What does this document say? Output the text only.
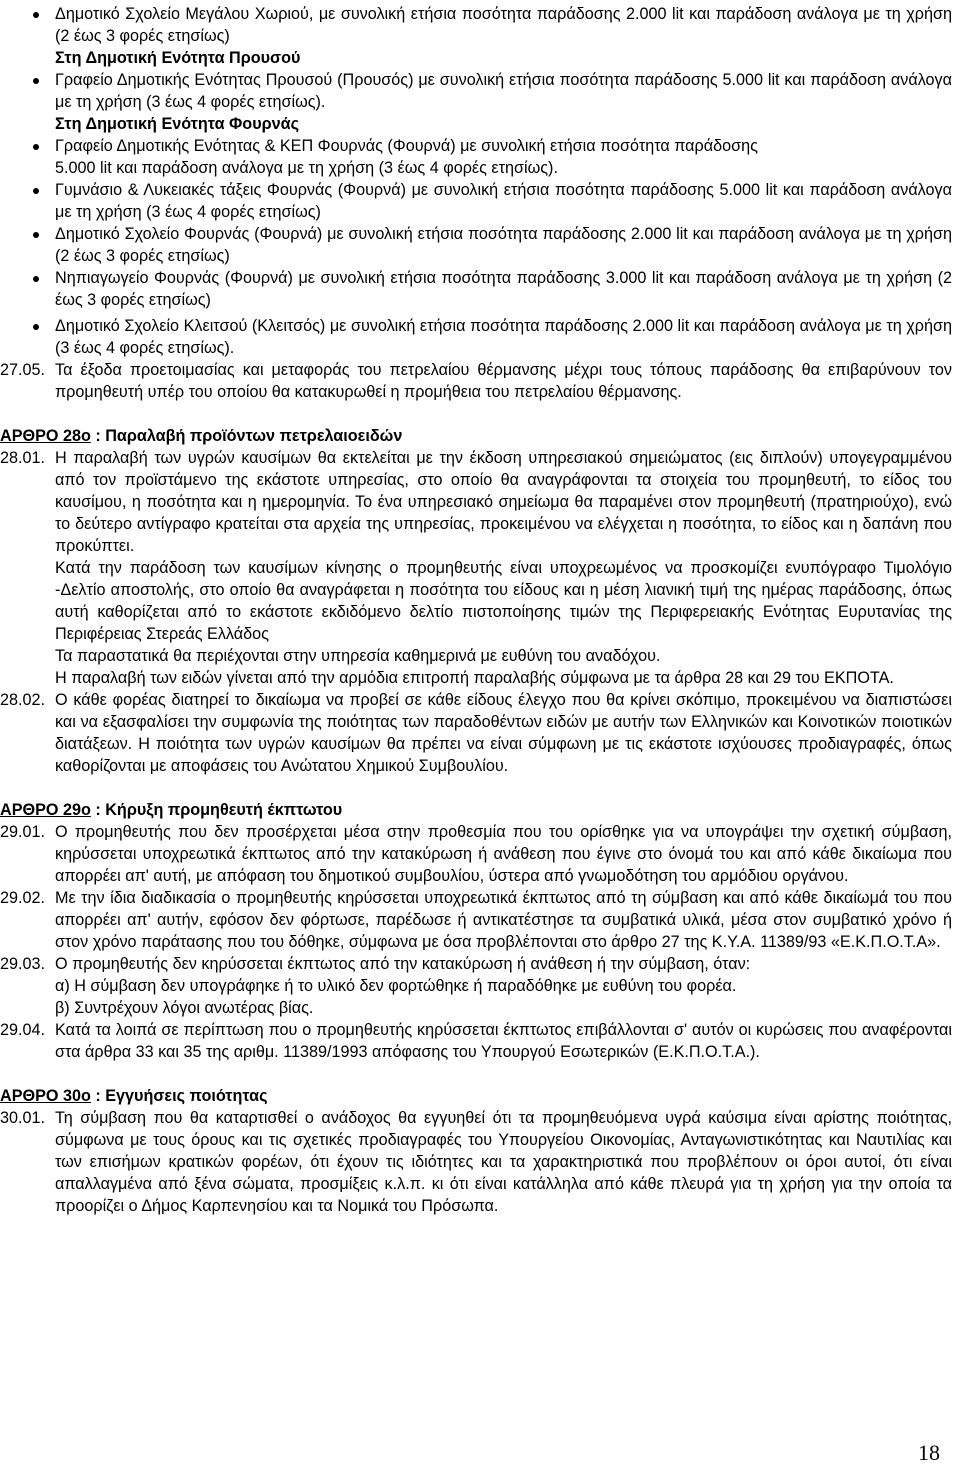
Δημοτικό Σχολείο Μεγάλου Χωριού, με συνολική ετήσια ποσότητα παράδοσης 2.000 lit και παράδοση ανάλογα με τη χρήση (2 έως 3 φορές ετησίως)

Στη Δημοτική Ενότητα Προυσού

Γραφείο Δημοτικής Ενότητας Προυσού (Προυσός) με συνολική ετήσια ποσότητα παράδοσης 5.000 lit και παράδοση ανάλογα με τη χρήση (3 έως 4 φορές ετησίως).

Στη Δημοτική Ενότητα Φουρνάς

Γραφείο Δημοτικής Ενότητας & ΚΕΠ Φουρνάς (Φουρνά) με συνολική ετήσια ποσότητα παράδοσης

5.000 lit και παράδοση ανάλογα με τη χρήση (3 έως 4 φορές ετησίως).

Γυμνάσιο & Λυκειακές τάξεις Φουρνάς (Φουρνά) με συνολική ετήσια ποσότητα παράδοσης 5.000 lit και παράδοση ανάλογα με τη χρήση (3 έως 4 φορές ετησίως)

Δημοτικό Σχολείο Φουρνάς (Φουρνά) με συνολική ετήσια ποσότητα παράδοσης 2.000 lit και παράδοση ανάλογα με τη χρήση (2 έως 3 φορές ετησίως)

Νηπιαγωγείο Φουρνάς (Φουρνά) με συνολική ετήσια ποσότητα παράδοσης 3.000 lit και παράδοση ανάλογα με τη χρήση (2 έως 3 φορές ετησίως)

Δημοτικό Σχολείο Κλειτσού (Κλειτσός) με συνολική ετήσια ποσότητα παράδοσης 2.000 lit και παράδοση ανάλογα με τη χρήση (3 έως 4 φορές ετησίως).

27.05. Τα έξοδα προετοιμασίας και μεταφοράς του πετρελαίου θέρμανσης μέχρι τους τόπους παράδοσης θα επιβαρύνουν τον προμηθευτή υπέρ του οποίου θα κατακυρωθεί η προμήθεια του πετρελαίου θέρμανσης.

ΑΡΘΡΟ 28ο : Παραλαβή προϊόντων πετρελαιοειδών

28.01. Η παραλαβή των υγρών καυσίμων θα εκτελείται με την έκδοση υπηρεσιακού σημειώματος (εις διπλούν) υπογεγραμμένου από τον προϊστάμενο της εκάστοτε υπηρεσίας, στο οποίο θα αναγράφονται τα στοιχεία του προμηθευτή, το είδος του καυσίμου, η ποσότητα και η ημερομηνία. Το ένα υπηρεσιακό σημείωμα θα παραμένει στον προμηθευτή (πρατηριούχο), ενώ το δεύτερο αντίγραφο κρατείται στα αρχεία της υπηρεσίας, προκειμένου να ελέγχεται η ποσότητα, το είδος και η δαπάνη που προκύπτει.

Κατά την παράδοση των καυσίμων κίνησης ο προμηθευτής είναι υποχρεωμένος να προσκομίζει ενυπόγραφο Τιμολόγιο -Δελτίο αποστολής, στο οποίο θα αναγράφεται η ποσότητα του είδους και η μέση λιανική τιμή της ημέρας παράδοσης, όπως αυτή καθορίζεται από το εκάστοτε εκδιδόμενο δελτίο πιστοποίησης τιμών της Περιφερειακής Ενότητας Ευρυτανίας της Περιφέρειας Στερεάς Ελλάδος

Τα παραστατικά θα περιέχονται στην υπηρεσία καθημερινά με ευθύνη του αναδόχου.

Η παραλαβή των ειδών γίνεται από την αρμόδια επιτροπή παραλαβής σύμφωνα με τα άρθρα 28 και 29 του ΕΚΠΟΤΑ.

28.02. Ο κάθε φορέας διατηρεί το δικαίωμα να προβεί σε κάθε είδους έλεγχο που θα κρίνει σκόπιμο, προκειμένου να διαπιστώσει και να εξασφαλίσει την συμφωνία της ποιότητας των παραδοθέντων ειδών με αυτήν των Ελληνικών και Κοινοτικών ποιοτικών διατάξεων. Η ποιότητα των υγρών καυσίμων θα πρέπει να είναι σύμφωνη με τις εκάστοτε ισχύουσες προδιαγραφές, όπως καθορίζονται με αποφάσεις του Ανώτατου Χημικού Συμβουλίου.

ΑΡΘΡΟ 29ο : Κήρυξη προμηθευτή έκπτωτου

29.01. Ο προμηθευτής που δεν προσέρχεται μέσα στην προθεσμία που του ορίσθηκε για να υπογράψει την σχετική σύμβαση, κηρύσσεται υποχρεωτικά έκπτωτος από την κατακύρωση ή ανάθεση που έγινε στο όνομά του και από κάθε δικαίωμα που απορρέει απ' αυτή, με απόφαση του δημοτικού συμβουλίου, ύστερα από γνωμοδότηση του αρμόδιου οργάνου.

29.02. Με την ίδια διαδικασία ο προμηθευτής κηρύσσεται υποχρεωτικά έκπτωτος από τη σύμβαση και από κάθε δικαίωμά του που απορρέει απ' αυτήν, εφόσον δεν φόρτωσε, παρέδωσε ή αντικατέστησε τα συμβατικά υλικά, μέσα στον συμβατικό χρόνο ή στον χρόνο παράτασης που του δόθηκε, σύμφωνα με όσα προβλέπονται στο άρθρο 27 της Κ.Υ.Α. 11389/93 «Ε.Κ.Π.Ο.Τ.Α».

29.03. Ο προμηθευτής δεν κηρύσσεται έκπτωτος από την κατακύρωση ή ανάθεση ή την σύμβαση, όταν:

α) Η σύμβαση δεν υπογράφηκε ή το υλικό δεν φορτώθηκε ή παραδόθηκε με ευθύνη του φορέα.

β) Συντρέχουν λόγοι ανωτέρας βίας.

29.04. Κατά τα λοιπά σε περίπτωση που ο προμηθευτής κηρύσσεται έκπτωτος επιβάλλονται σ' αυτόν οι κυρώσεις που αναφέρονται στα άρθρα 33 και 35 της αριθμ. 11389/1993 απόφασης του Υπουργού Εσωτερικών (Ε.Κ.Π.Ο.Τ.Α.).

ΑΡΘΡΟ 30ο : Εγγυήσεις ποιότητας

30.01. Τη σύμβαση που θα καταρτισθεί ο ανάδοχος θα εγγυηθεί ότι τα προμηθευόμενα υγρά καύσιμα είναι αρίστης ποιότητας, σύμφωνα με τους όρους και τις σχετικές προδιαγραφές του Υπουργείου Οικονομίας, Ανταγωνιστικότητας και Ναυτιλίας και των επισήμων κρατικών φορέων, ότι έχουν τις ιδιότητες και τα χαρακτηριστικά που προβλέπουν οι όροι αυτοί, ότι είναι απαλλαγμένα από ξένα σώματα, προσμίξεις κ.λ.π. κι ότι είναι κατάλληλα από κάθε πλευρά για τη χρήση για την οποία τα προορίζει ο Δήμος Καρπενησίου και τα Νομικά του Πρόσωπα.

18
